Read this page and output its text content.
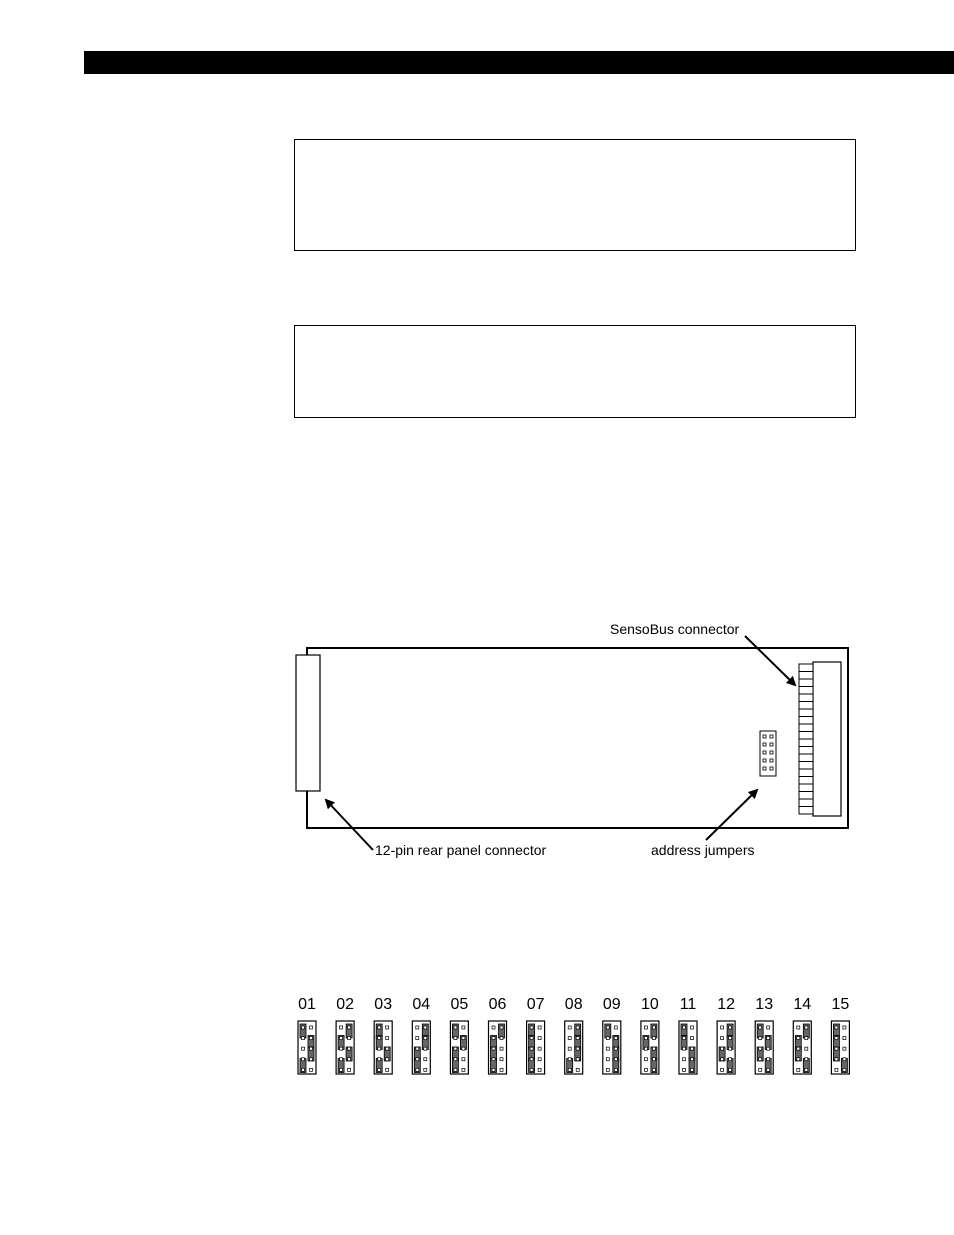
SensoBus connector
12-pin rear panel connector	address jumpers
01 02 03 04 05 06 07 08 09 10 11 12 13 14 15
